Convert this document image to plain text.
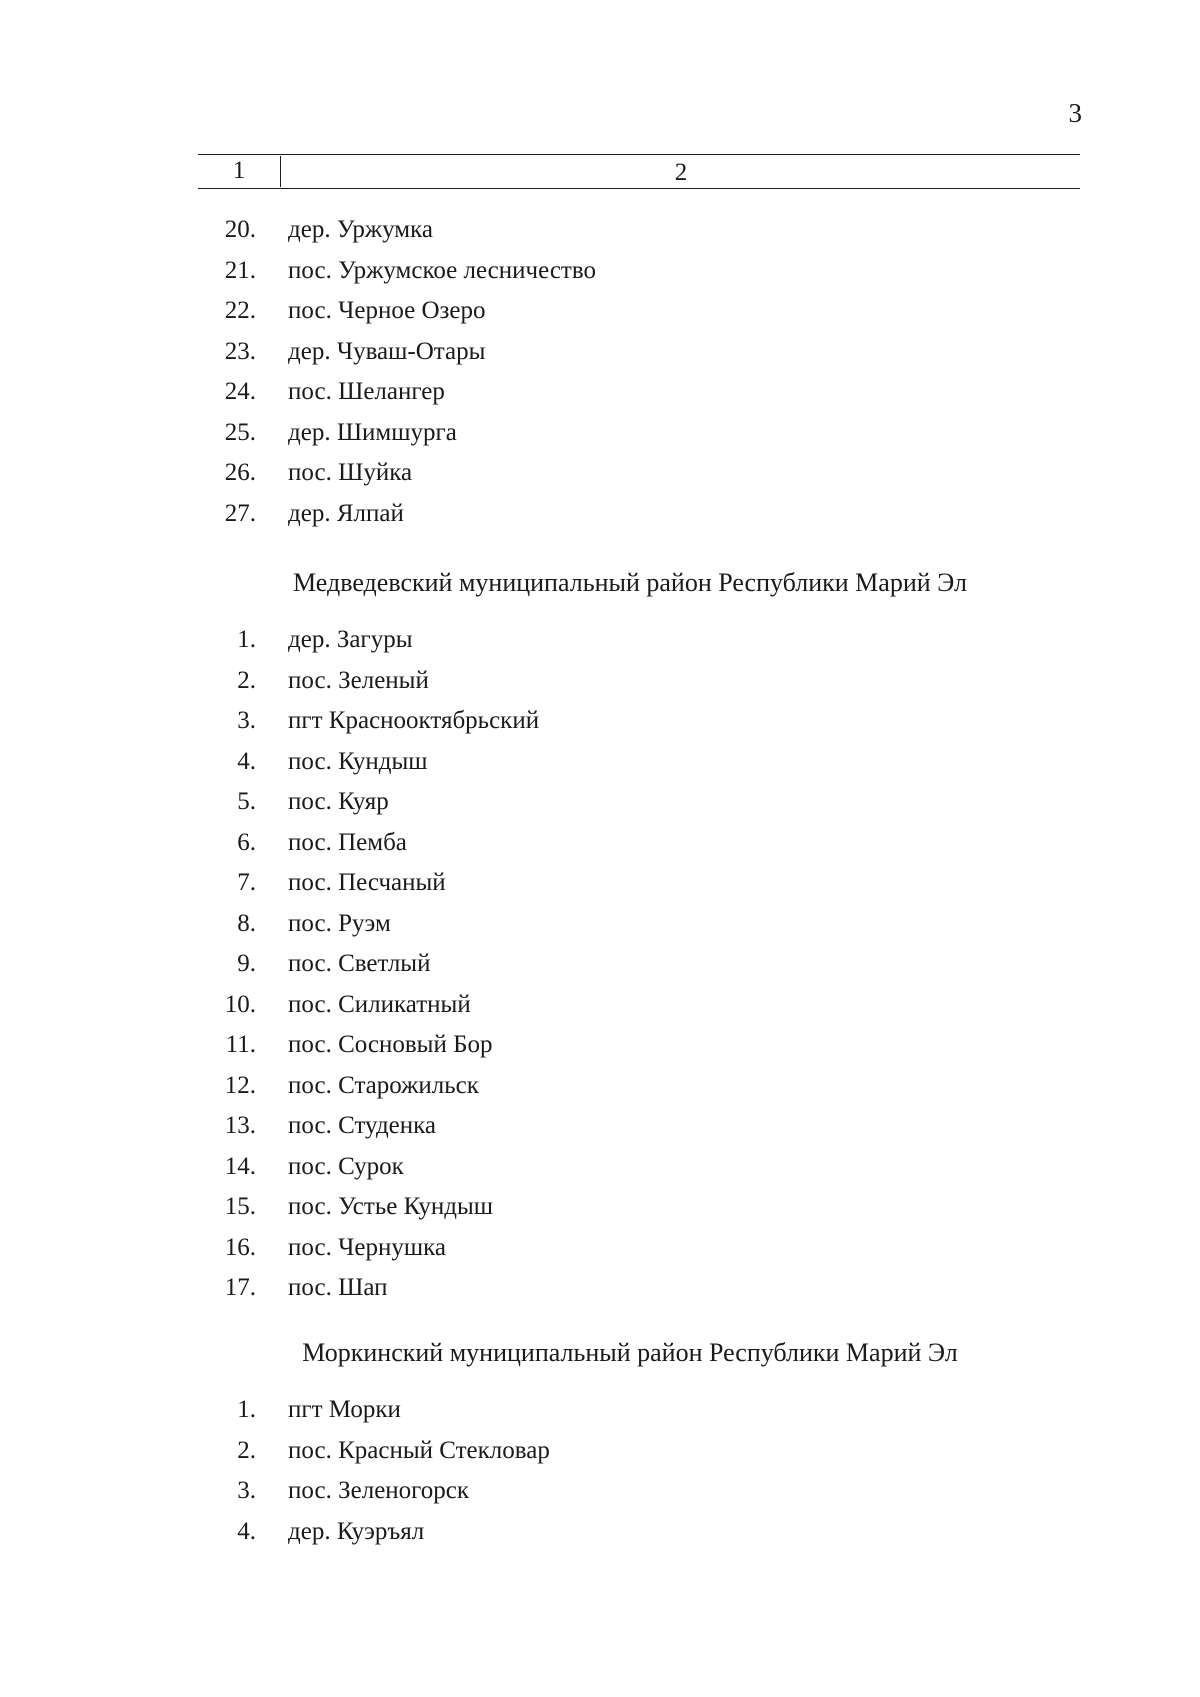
3
1	2
20. дер. Уржумка
21. пос. Уржумское лесничество
22. пос. Черное Озеро
23. дер. Чуваш-Отары
24. пос. Шелангер
25. дер. Шимшурга
26. пос. Шуйка
27. дер. Ялпай
Медведевский муниципальный район Республики Марий Эл
1. дер. Загуры
2. пос. Зеленый
3. пгт Краснооктябрьский
4. пос. Кундыш
5. пос. Куяр
6. пос. Пемба
7. пос. Песчаный
8. пос. Руэм
9. пос. Светлый
10. пос. Силикатный
11. пос. Сосновый Бор
12. пос. Старожильск
13. пос. Студенка
14. пос. Сурок
15. пос. Устье Кундыш
16. пос. Чернушка
17. пос. Шап
Моркинский муниципальный район Республики Марий Эл
1. пгт Морки
2. пос. Красный Стекловар
3. пос. Зеленогорск
4. дер. Куэръял
